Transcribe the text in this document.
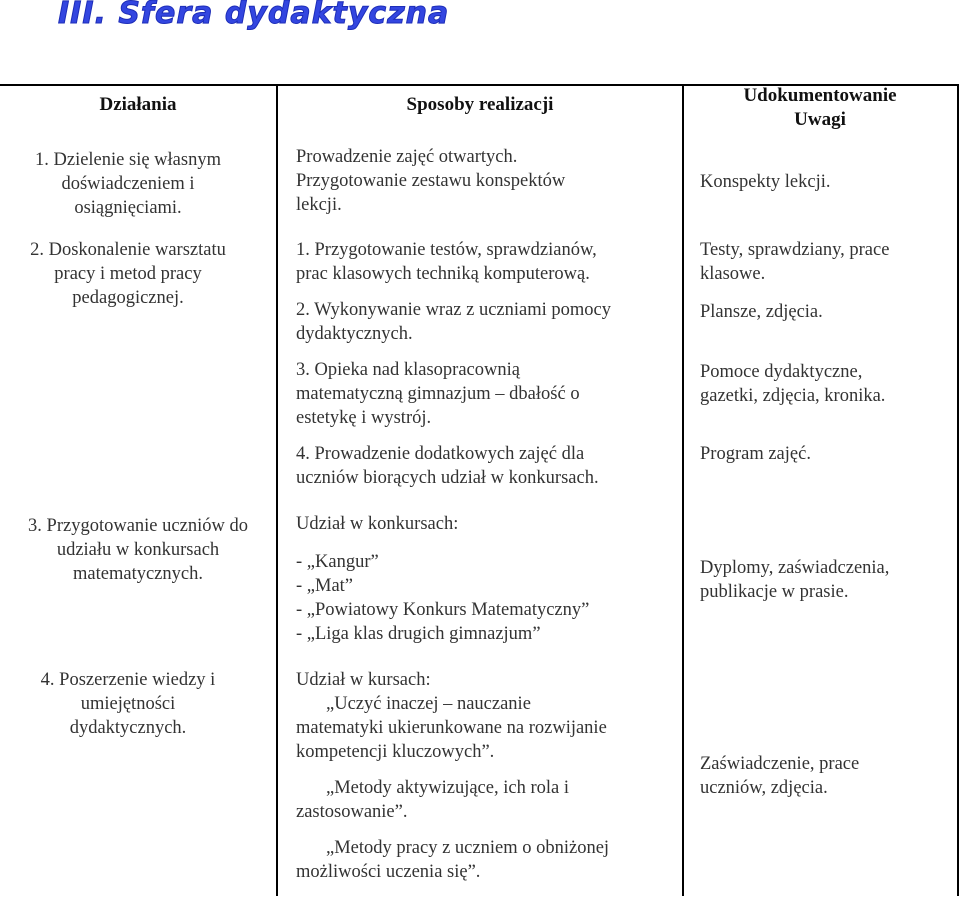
III. Sfera dydaktyczna
Działania	Sposoby realizacji	Udokumentowanie
Uwagi
1. Dzielenie się własnym
doświadczeniem i
osiągnięciami.
Prowadzenie zajęć otwartych.
Przygotowanie zestawu konspektów
lekcji.
Konspekty lekcji.
2. Doskonalenie warsztatu
pracy i metod pracy
pedagogicznej.
1. Przygotowanie testów, sprawdzianów,
prac klasowych techniką komputerową.
2. Wykonywanie wraz z uczniami pomocy
dydaktycznych.
3. Opieka nad klasopracownią
matematyczną gimnazjum – dbałość o
estetykę i wystrój.
4. Prowadzenie dodatkowych zajęć dla
uczniów biorących udział w konkursach.
Testy, sprawdziany, prace
klasowe.
Plansze, zdjęcia.
Pomoce dydaktyczne,
gazetki, zdjęcia, kronika.
Program zajęć.
3. Przygotowanie uczniów do
udziału w konkursach
matematycznych.
Udział w konkursach:
- „Kangur”
- „Mat”
- „Powiatowy Konkurs Matematyczny”
- „Liga klas drugich gimnazjum”
Dyplomy, zaświadczenia,
publikacje w prasie.
4. Poszerzenie wiedzy i
umiejętności
dydaktycznych.
Udział w kursach:
„Uczyć inaczej – nauczanie
matematyki ukierunkowane na rozwijanie
kompetencji kluczowych”.
„Metody aktywizujące, ich rola i
zastosowanie”.
„Metody pracy z uczniem o obniżonej
możliwości uczenia się”.
Zaświadczenie, prace
uczniów, zdjęcia.
